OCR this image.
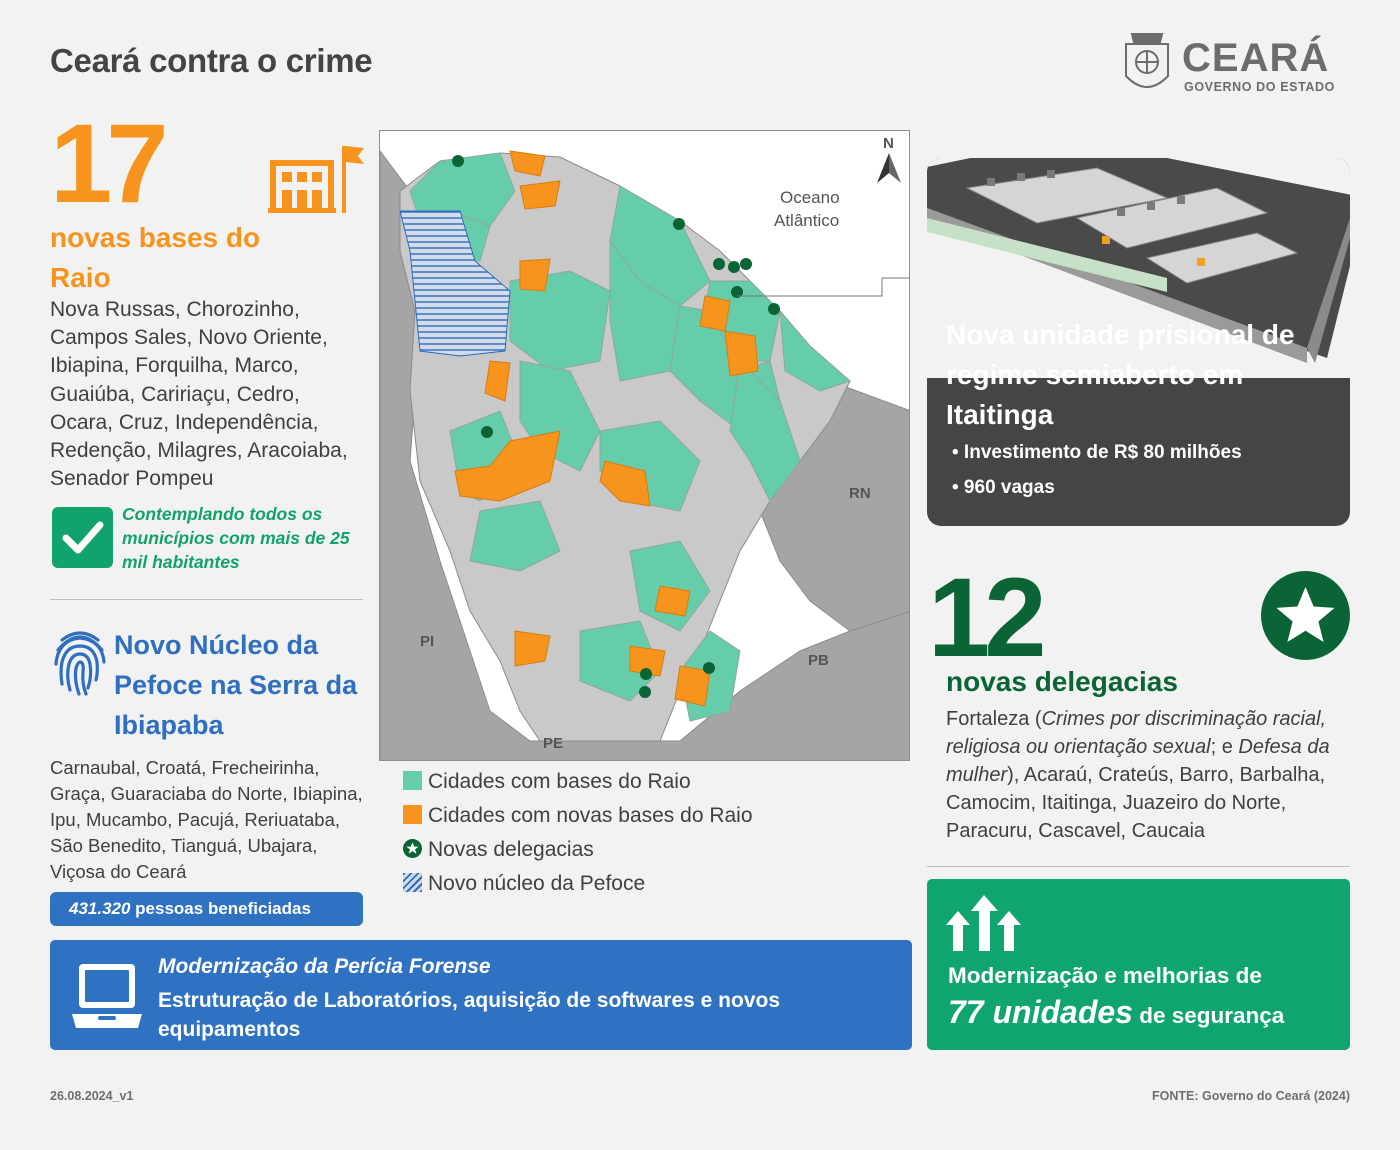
Ceará contra o crime	CEARÁ
GOVERNO DO ESTADO
17
novas bases do Raio
Nova Russas, Chorozinho, Campos Sales, Novo Oriente, Ibiapina, Forquilha, Marco, Guaiúba, Caririaçu, Cedro, Ocara, Cruz, Independência, Redenção, Milagres, Aracoiaba, Senador Pompeu
Contemplando todos os municípios com mais de 25 mil habitantes
Novo Núcleo da Pefoce na Serra da Ibiapaba
Carnaubal, Croatá, Frecheirinha, Graça, Guaraciaba do Norte, Ibiapina, Ipu, Mucambo, Pacujá, Reriuataba, São Benedito, Tianguá, Ubajara, Viçosa do Ceará
431.320 pessoas beneficiadas
Modernização da Perícia Forense
Estruturação de Laboratórios, aquisição de softwares e novos equipamentos
N
Oceano
Atlântico
RN
PB
PE
PI
Cidades com bases do Raio
Cidades com novas bases do Raio
Novas delegacias
Novo núcleo da Pefoce
Nova unidade prisional de regime semiaberto em Itaitinga
• Investimento de R$ 80 milhões
• 960 vagas
12
novas delegacias
Fortaleza (Crimes por discriminação racial, religiosa ou orientação sexual; e Defesa da mulher), Acaraú, Crateús, Barro, Barbalha, Camocim, Itaitinga, Juazeiro do Norte, Paracuru, Cascavel, Caucaia
Modernização e melhorias de
77 unidades de segurança
26.08.2024_v1	FONTE: Governo do Ceará (2024)
